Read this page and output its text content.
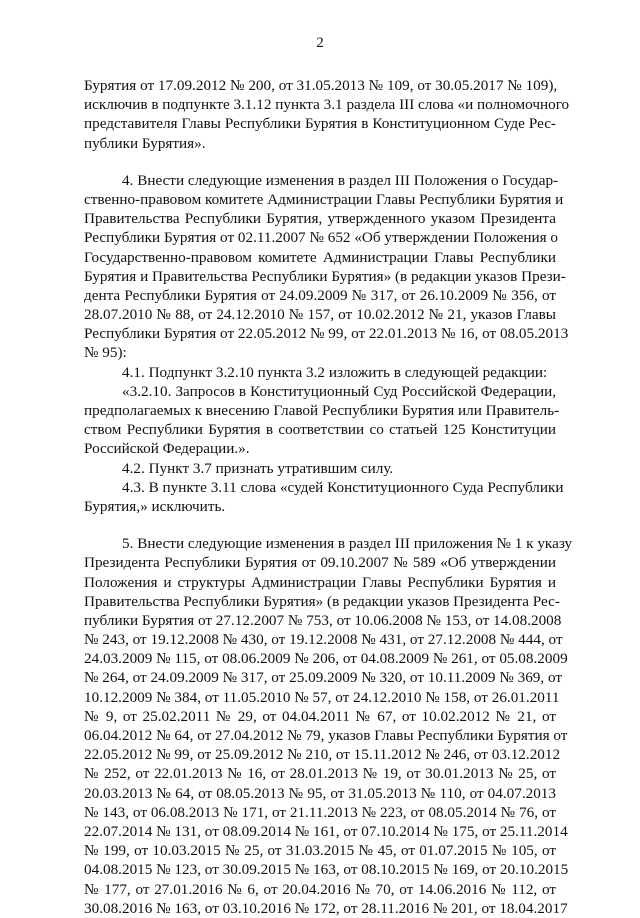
2
Бурятия от 17.09.2012 № 200, от 31.05.2013 № 109, от 30.05.2017 № 109),
исключив в подпункте 3.1.12 пункта 3.1 раздела III слова «и полномочного
представителя Главы Республики Бурятия в Конституционном Суде Рес-
публики Бурятия».
4. Внести следующие изменения в раздел III Положения о Государ-
ственно-правовом комитете Администрации Главы Республики Бурятия и
Правительства Республики Бурятия, утвержденного указом Президента
Республики Бурятия от 02.11.2007 № 652 «Об утверждении Положения о
Государственно-правовом комитете Администрации Главы Республики
Бурятия и Правительства Республики Бурятия» (в редакции указов Прези-
дента Республики Бурятия от 24.09.2009 № 317, от 26.10.2009 № 356, от
28.07.2010 № 88, от 24.12.2010 № 157, от 10.02.2012 № 21, указов Главы
Республики Бурятия от 22.05.2012 № 99, от 22.01.2013 № 16, от 08.05.2013
№ 95):
4.1. Подпункт 3.2.10 пункта 3.2 изложить в следующей редакции:
«3.2.10. Запросов в Конституционный Суд Российской Федерации,
предполагаемых к внесению Главой Республики Бурятия или Правитель-
ством Республики Бурятия в соответствии со статьей 125 Конституции
Российской Федерации.».
4.2. Пункт 3.7 признать утратившим силу.
4.3. В пункте 3.11 слова «судей Конституционного Суда Республики
Бурятия,» исключить.
5. Внести следующие изменения в раздел III приложения № 1 к указу
Президента Республики Бурятия от 09.10.2007 № 589 «Об утверждении
Положения и структуры Администрации Главы Республики Бурятия и
Правительства Республики Бурятия» (в редакции указов Президента Рес-
публики Бурятия от 27.12.2007 № 753, от 10.06.2008 № 153, от 14.08.2008
№ 243, от 19.12.2008 № 430, от 19.12.2008 № 431, от 27.12.2008 № 444, от
24.03.2009 № 115, от 08.06.2009 № 206, от 04.08.2009 № 261, от 05.08.2009
№ 264, от 24.09.2009 № 317, от 25.09.2009 № 320, от 10.11.2009 № 369, от
10.12.2009 № 384, от 11.05.2010 № 57, от 24.12.2010 № 158, от 26.01.2011
№ 9, от 25.02.2011 № 29, от 04.04.2011 № 67, от 10.02.2012 № 21, от
06.04.2012 № 64, от 27.04.2012 № 79, указов Главы Республики Бурятия от
22.05.2012 № 99, от 25.09.2012 № 210, от 15.11.2012 № 246, от 03.12.2012
№ 252, от 22.01.2013 № 16, от 28.01.2013 № 19, от 30.01.2013 № 25, от
20.03.2013 № 64, от 08.05.2013 № 95, от 31.05.2013 № 110, от 04.07.2013
№ 143, от 06.08.2013 № 171, от 21.11.2013 № 223, от 08.05.2014 № 76, от
22.07.2014 № 131, от 08.09.2014 № 161, от 07.10.2014 № 175, от 25.11.2014
№ 199, от 10.03.2015 № 25, от 31.03.2015 № 45, от 01.07.2015 № 105, от
04.08.2015 № 123, от 30.09.2015 № 163, от 08.10.2015 № 169, от 20.10.2015
№ 177, от 27.01.2016 № 6, от 20.04.2016 № 70, от 14.06.2016 № 112, от
30.08.2016 № 163, от 03.10.2016 № 172, от 28.11.2016 № 201, от 18.04.2017
